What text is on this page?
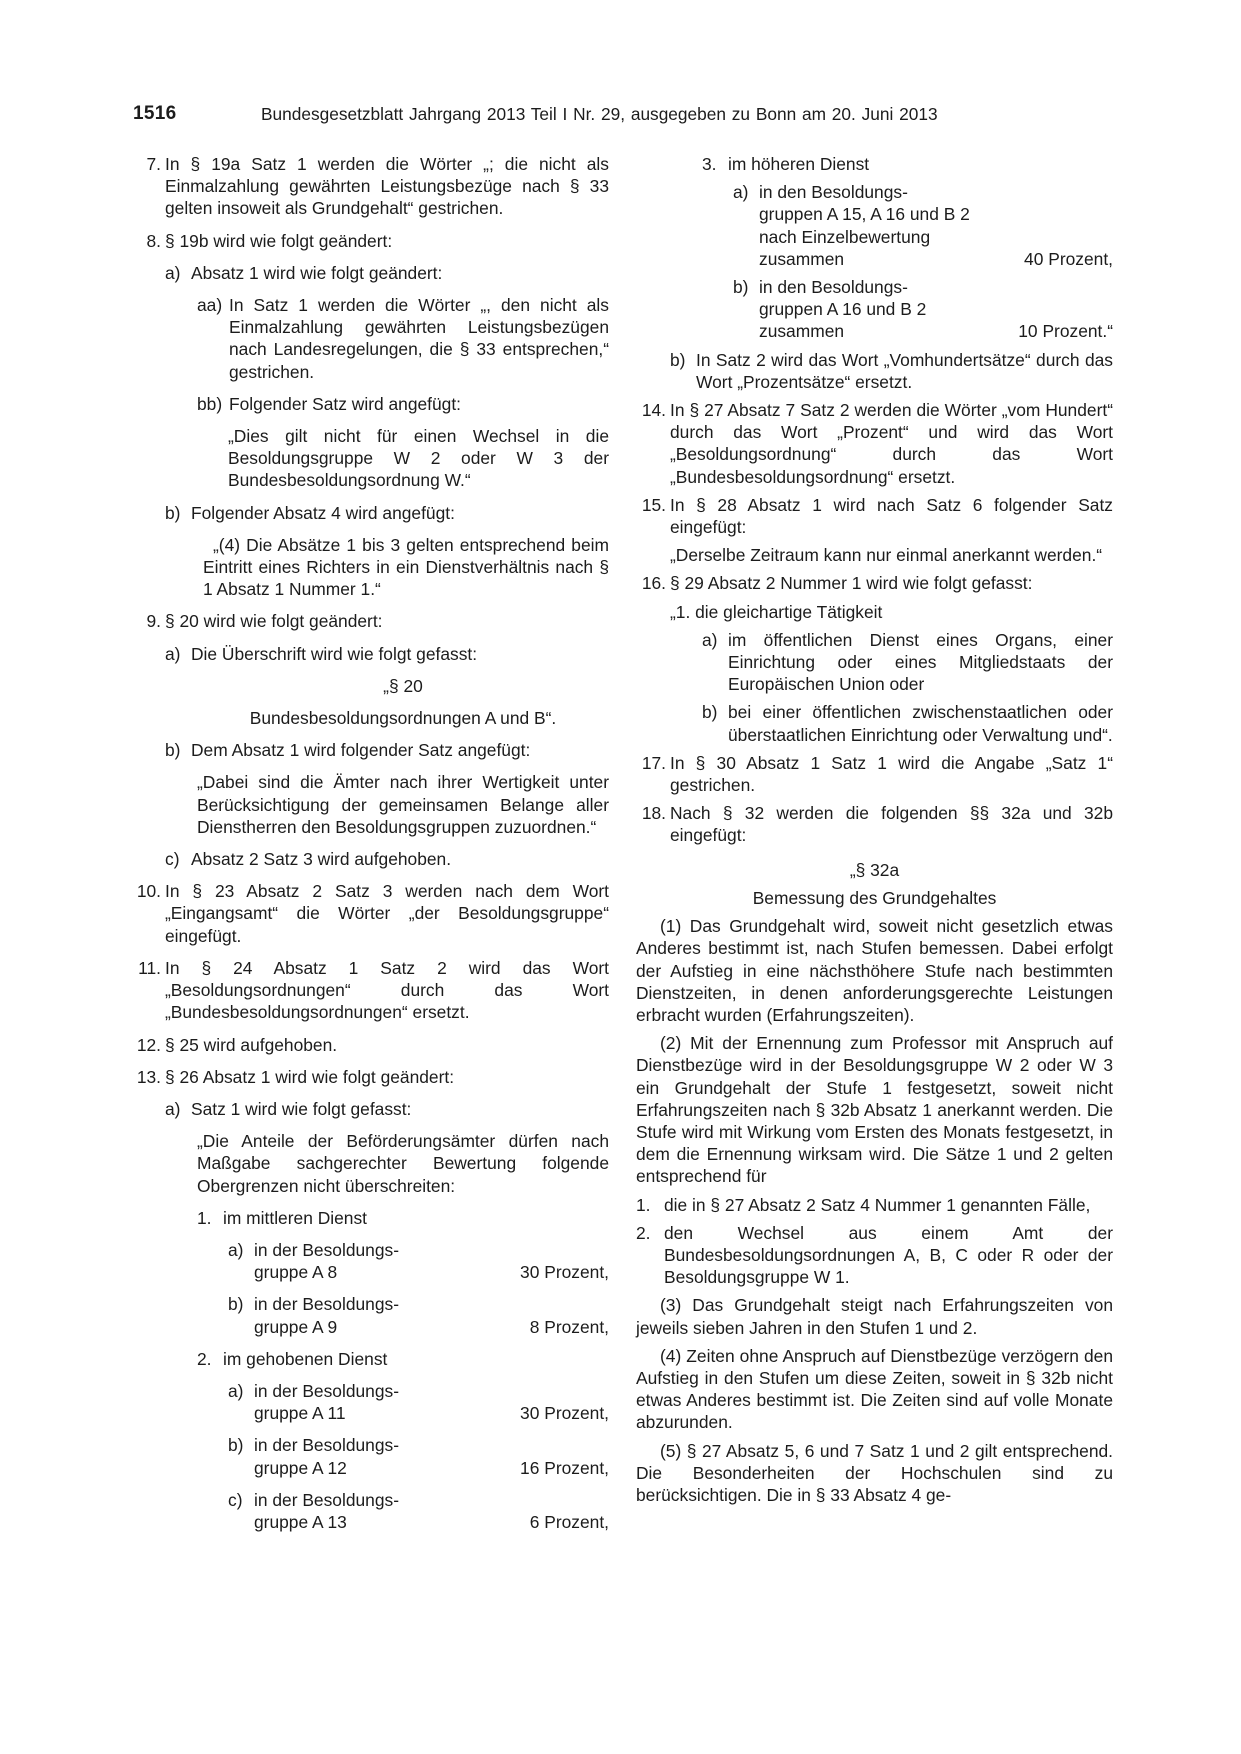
1516	Bundesgesetzblatt Jahrgang 2013 Teil I Nr. 29, ausgegeben zu Bonn am 20. Juni 2013
7. In § 19a Satz 1 werden die Wörter „; die nicht als Einmalzahlung gewährten Leistungsbezüge nach § 33 gelten insoweit als Grundgehalt“ gestrichen.
8. § 19b wird wie folgt geändert:
a) Absatz 1 wird wie folgt geändert:
aa) In Satz 1 werden die Wörter „, den nicht als Einmalzahlung gewährten Leistungsbezügen nach Landesregelungen, die § 33 entsprechen,“ gestrichen.
bb) Folgender Satz wird angefügt:
„Dies gilt nicht für einen Wechsel in die Besoldungsgruppe W 2 oder W 3 der Bundesbesoldungsordnung W.“
b) Folgender Absatz 4 wird angefügt:
„(4) Die Absätze 1 bis 3 gelten entsprechend beim Eintritt eines Richters in ein Dienstverhältnis nach § 1 Absatz 1 Nummer 1.“
9. § 20 wird wie folgt geändert:
a) Die Überschrift wird wie folgt gefasst:
„§ 20
Bundesbesoldungsordnungen A und B“.
b) Dem Absatz 1 wird folgender Satz angefügt:
„Dabei sind die Ämter nach ihrer Wertigkeit unter Berücksichtigung der gemeinsamen Belange aller Dienstherren den Besoldungsgruppen zuzuordnen.“
c) Absatz 2 Satz 3 wird aufgehoben.
10. In § 23 Absatz 2 Satz 3 werden nach dem Wort „Eingangsamt“ die Wörter „der Besoldungsgruppe“ eingefügt.
11. In § 24 Absatz 1 Satz 2 wird das Wort „Besoldungsordnungen“ durch das Wort „Bundesbesoldungsordnungen“ ersetzt.
12. § 25 wird aufgehoben.
13. § 26 Absatz 1 wird wie folgt geändert:
a) Satz 1 wird wie folgt gefasst:
„Die Anteile der Beförderungsämter dürfen nach Maßgabe sachgerechter Bewertung folgende Obergrenzen nicht überschreiten:
1. im mittleren Dienst
a) in der Besoldungs-
gruppe A 8	30 Prozent,
b) in der Besoldungs-
gruppe A 9	8 Prozent,
2. im gehobenen Dienst
a) in der Besoldungs-
gruppe A 11	30 Prozent,
b) in der Besoldungs-
gruppe A 12	16 Prozent,
c) in der Besoldungs-
gruppe A 13	6 Prozent,
3. im höheren Dienst
a) in den Besoldungs-
gruppen A 15, A 16 und B 2
nach Einzelbewertung
zusammen	40 Prozent,
b) in den Besoldungs-
gruppen A 16 und B 2
zusammen	10 Prozent.“
b) In Satz 2 wird das Wort „Vomhundertsätze“ durch das Wort „Prozentsätze“ ersetzt.
14. In § 27 Absatz 7 Satz 2 werden die Wörter „vom Hundert“ durch das Wort „Prozent“ und wird das Wort „Besoldungsordnung“ durch das Wort „Bundesbesoldungsordnung“ ersetzt.
15. In § 28 Absatz 1 wird nach Satz 6 folgender Satz eingefügt:
„Derselbe Zeitraum kann nur einmal anerkannt werden.“
16. § 29 Absatz 2 Nummer 1 wird wie folgt gefasst:
„1. die gleichartige Tätigkeit
a) im öffentlichen Dienst eines Organs, einer Einrichtung oder eines Mitgliedstaats der Europäischen Union oder
b) bei einer öffentlichen zwischenstaatlichen oder überstaatlichen Einrichtung oder Verwaltung und“.
17. In § 30 Absatz 1 Satz 1 wird die Angabe „Satz 1“ gestrichen.
18. Nach § 32 werden die folgenden §§ 32a und 32b eingefügt:
„§ 32a
Bemessung des Grundgehaltes
(1) Das Grundgehalt wird, soweit nicht gesetzlich etwas Anderes bestimmt ist, nach Stufen bemessen. Dabei erfolgt der Aufstieg in eine nächsthöhere Stufe nach bestimmten Dienstzeiten, in denen anforderungsgerechte Leistungen erbracht wurden (Erfahrungszeiten).
(2) Mit der Ernennung zum Professor mit Anspruch auf Dienstbezüge wird in der Besoldungsgruppe W 2 oder W 3 ein Grundgehalt der Stufe 1 festgesetzt, soweit nicht Erfahrungszeiten nach § 32b Absatz 1 anerkannt werden. Die Stufe wird mit Wirkung vom Ersten des Monats festgesetzt, in dem die Ernennung wirksam wird. Die Sätze 1 und 2 gelten entsprechend für
1. die in § 27 Absatz 2 Satz 4 Nummer 1 genannten Fälle,
2. den Wechsel aus einem Amt der Bundesbesoldungsordnungen A, B, C oder R oder der Besoldungsgruppe W 1.
(3) Das Grundgehalt steigt nach Erfahrungszeiten von jeweils sieben Jahren in den Stufen 1 und 2.
(4) Zeiten ohne Anspruch auf Dienstbezüge verzögern den Aufstieg in den Stufen um diese Zeiten, soweit in § 32b nicht etwas Anderes bestimmt ist. Die Zeiten sind auf volle Monate abzurunden.
(5) § 27 Absatz 5, 6 und 7 Satz 1 und 2 gilt entsprechend. Die Besonderheiten der Hochschulen sind zu berücksichtigen. Die in § 33 Absatz 4 ge-
